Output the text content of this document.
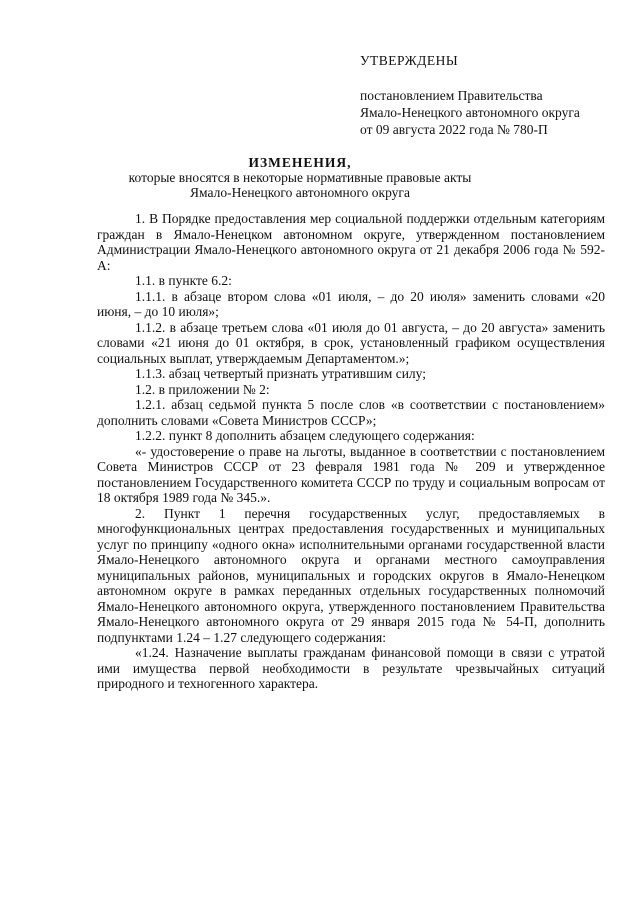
УТВЕРЖДЕНЫ
постановлением Правительства
Ямало-Ненецкого автономного округа
от 09 августа 2022 года № 780-П
ИЗМЕНЕНИЯ,
которые вносятся в некоторые нормативные правовые акты
Ямало-Ненецкого автономного округа

1. В Порядке предоставления мер социальной поддержки отдельным категориям граждан в Ямало-Ненецком автономном округе, утвержденном постановлением Администрации Ямало-Ненецкого автономного округа от 21 декабря 2006 года № 592-А:

1.1. в пункте 6.2:

1.1.1. в абзаце втором слова «01 июля, – до 20 июля» заменить словами «20 июня, – до 10 июля»;

1.1.2. в абзаце третьем слова «01 июля до 01 августа, – до 20 августа» заменить словами «21 июня до 01 октября, в срок, установленный графиком осуществления социальных выплат, утверждаемым Департаментом.»;

1.1.3. абзац четвертый признать утратившим силу;

1.2. в приложении № 2:

1.2.1. абзац седьмой пункта 5 после слов «в соответствии с постановлением» дополнить словами «Совета Министров СССР»;

1.2.2. пункт 8 дополнить абзацем следующего содержания:

«- удостоверение о праве на льготы, выданное в соответствии с постановлением Совета Министров СССР от 23 февраля 1981 года № 209 и утвержденное постановлением Государственного комитета СССР по труду и социальным вопросам от 18 октября 1989 года № 345.».

2. Пункт 1 перечня государственных услуг, предоставляемых в многофункциональных центрах предоставления государственных и муниципальных услуг по принципу «одного окна» исполнительными органами государственной власти Ямало-Ненецкого автономного округа и органами местного самоуправления муниципальных районов, муниципальных и городских округов в Ямало-Ненецком автономном округе в рамках переданных отдельных государственных полномочий Ямало-Ненецкого автономного округа, утвержденного постановлением Правительства Ямало-Ненецкого автономного округа от 29 января 2015 года № 54-П, дополнить подпунктами 1.24 – 1.27 следующего содержания:

«1.24. Назначение выплаты гражданам финансовой помощи в связи с утратой ими имущества первой необходимости в результате чрезвычайных ситуаций природного и техногенного характера.
